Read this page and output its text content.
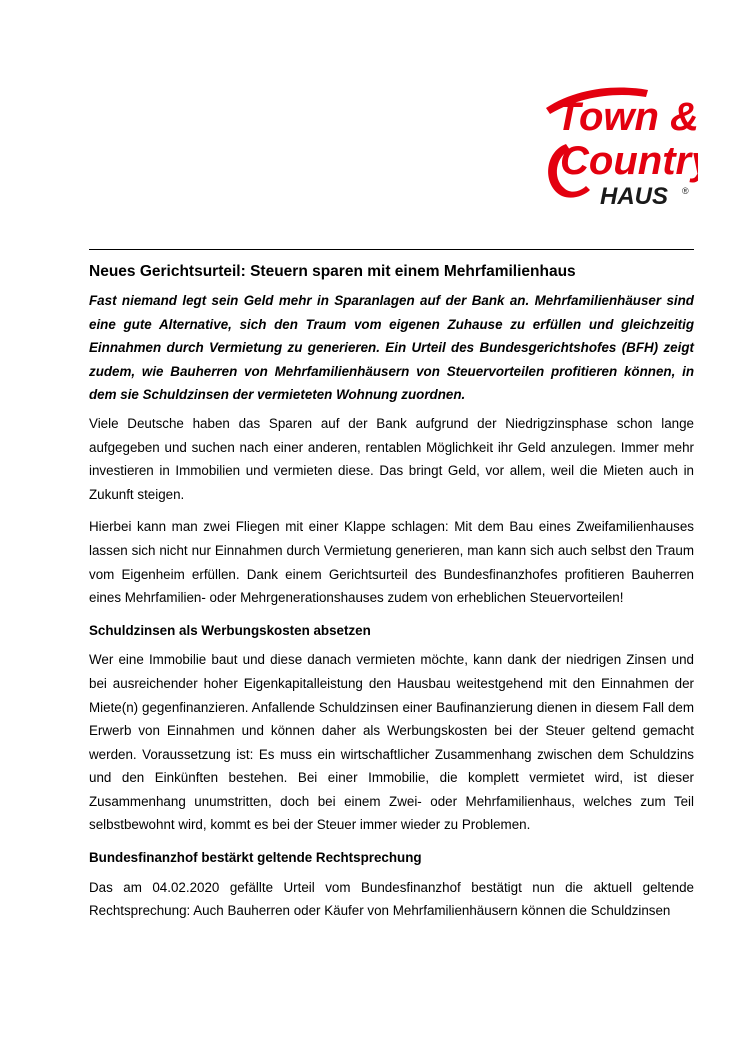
Town &
Country
HAUS ®
Neues Gerichtsurteil: Steuern sparen mit einem Mehrfamilienhaus
Fast niemand legt sein Geld mehr in Sparanlagen auf der Bank an. Mehrfamilienhäuser sind eine gute Alternative, sich den Traum vom eigenen Zuhause zu erfüllen und gleichzeitig Einnahmen durch Vermietung zu generieren. Ein Urteil des Bundesgerichtshofes (BFH) zeigt zudem, wie Bauherren von Mehrfamilienhäusern von Steuervorteilen profitieren können, in dem sie Schuldzinsen der vermieteten Wohnung zuordnen.

Viele Deutsche haben das Sparen auf der Bank aufgrund der Niedrigzinsphase schon lange aufgegeben und suchen nach einer anderen, rentablen Möglichkeit ihr Geld anzulegen. Immer mehr investieren in Immobilien und vermieten diese. Das bringt Geld, vor allem, weil die Mieten auch in Zukunft steigen.

Hierbei kann man zwei Fliegen mit einer Klappe schlagen: Mit dem Bau eines Zweifamilienhauses lassen sich nicht nur Einnahmen durch Vermietung generieren, man kann sich auch selbst den Traum vom Eigenheim erfüllen. Dank einem Gerichtsurteil des Bundesfinanzhofes profitieren Bauherren eines Mehrfamilien- oder Mehrgenerationshauses zudem von erheblichen Steuervorteilen!

Schuldzinsen als Werbungskosten absetzen

Wer eine Immobilie baut und diese danach vermieten möchte, kann dank der niedrigen Zinsen und bei ausreichender hoher Eigenkapitalleistung den Hausbau weitestgehend mit den Einnahmen der Miete(n) gegenfinanzieren. Anfallende Schuldzinsen einer Baufinanzierung dienen in diesem Fall dem Erwerb von Einnahmen und können daher als Werbungskosten bei der Steuer geltend gemacht werden. Voraussetzung ist: Es muss ein wirtschaftlicher Zusammenhang zwischen dem Schuldzins und den Einkünften bestehen. Bei einer Immobilie, die komplett vermietet wird, ist dieser Zusammenhang unumstritten, doch bei einem Zwei- oder Mehrfamilienhaus, welches zum Teil selbstbewohnt wird, kommt es bei der Steuer immer wieder zu Problemen.

Bundesfinanzhof bestärkt geltende Rechtsprechung

Das am 04.02.2020 gefällte Urteil vom Bundesfinanzhof bestätigt nun die aktuell geltende Rechtsprechung: Auch Bauherren oder Käufer von Mehrfamilienhäusern können die Schuldzinsen
